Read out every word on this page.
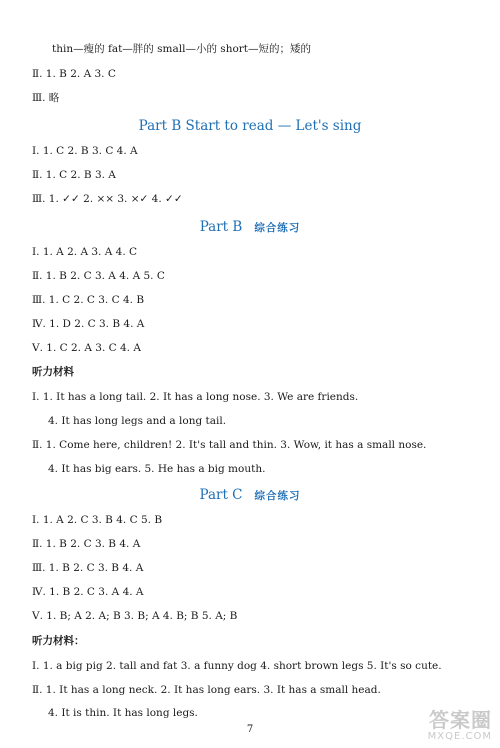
thin—瘦的 fat—胖的 small—小的 short—短的；矮的
Ⅱ. 1. B 2. A 3. C
Ⅲ. 略
Part B Start to read — Let's sing
Ⅰ. 1. C 2. B 3. C 4. A
Ⅱ. 1. C 2. B 3. A
Ⅲ. 1. ✓✓ 2. ×× 3. ×✓ 4. ✓✓
Part B 综合练习
Ⅰ. 1. A 2. A 3. A 4. C
Ⅱ. 1. B 2. C 3. A 4. A 5. C
Ⅲ. 1. C 2. C 3. C 4. B
Ⅳ. 1. D 2. C 3. B 4. A
Ⅴ. 1. C 2. A 3. C 4. A
听力材料
Ⅰ. 1. It has a long tail. 2. It has a long nose. 3. We are friends.
4. It has long legs and a long tail.
Ⅱ. 1. Come here, children! 2. It's tall and thin. 3. Wow, it has a small nose.
4. It has big ears. 5. He has a big mouth.
Part C 综合练习
Ⅰ. 1. A 2. C 3. B 4. C 5. B
Ⅱ. 1. B 2. C 3. B 4. A
Ⅲ. 1. B 2. C 3. B 4. A
Ⅳ. 1. B 2. C 3. A 4. A
Ⅴ. 1. B; A 2. A; B 3. B; A 4. B; B 5. A; B
听力材料：
Ⅰ. 1. a big pig 2. tall and fat 3. a funny dog 4. short brown legs 5. It's so cute.
Ⅱ. 1. It has a long neck. 2. It has long ears. 3. It has a small head.
4. It is thin. It has long legs.
7	答案圈
MXQE.COM
